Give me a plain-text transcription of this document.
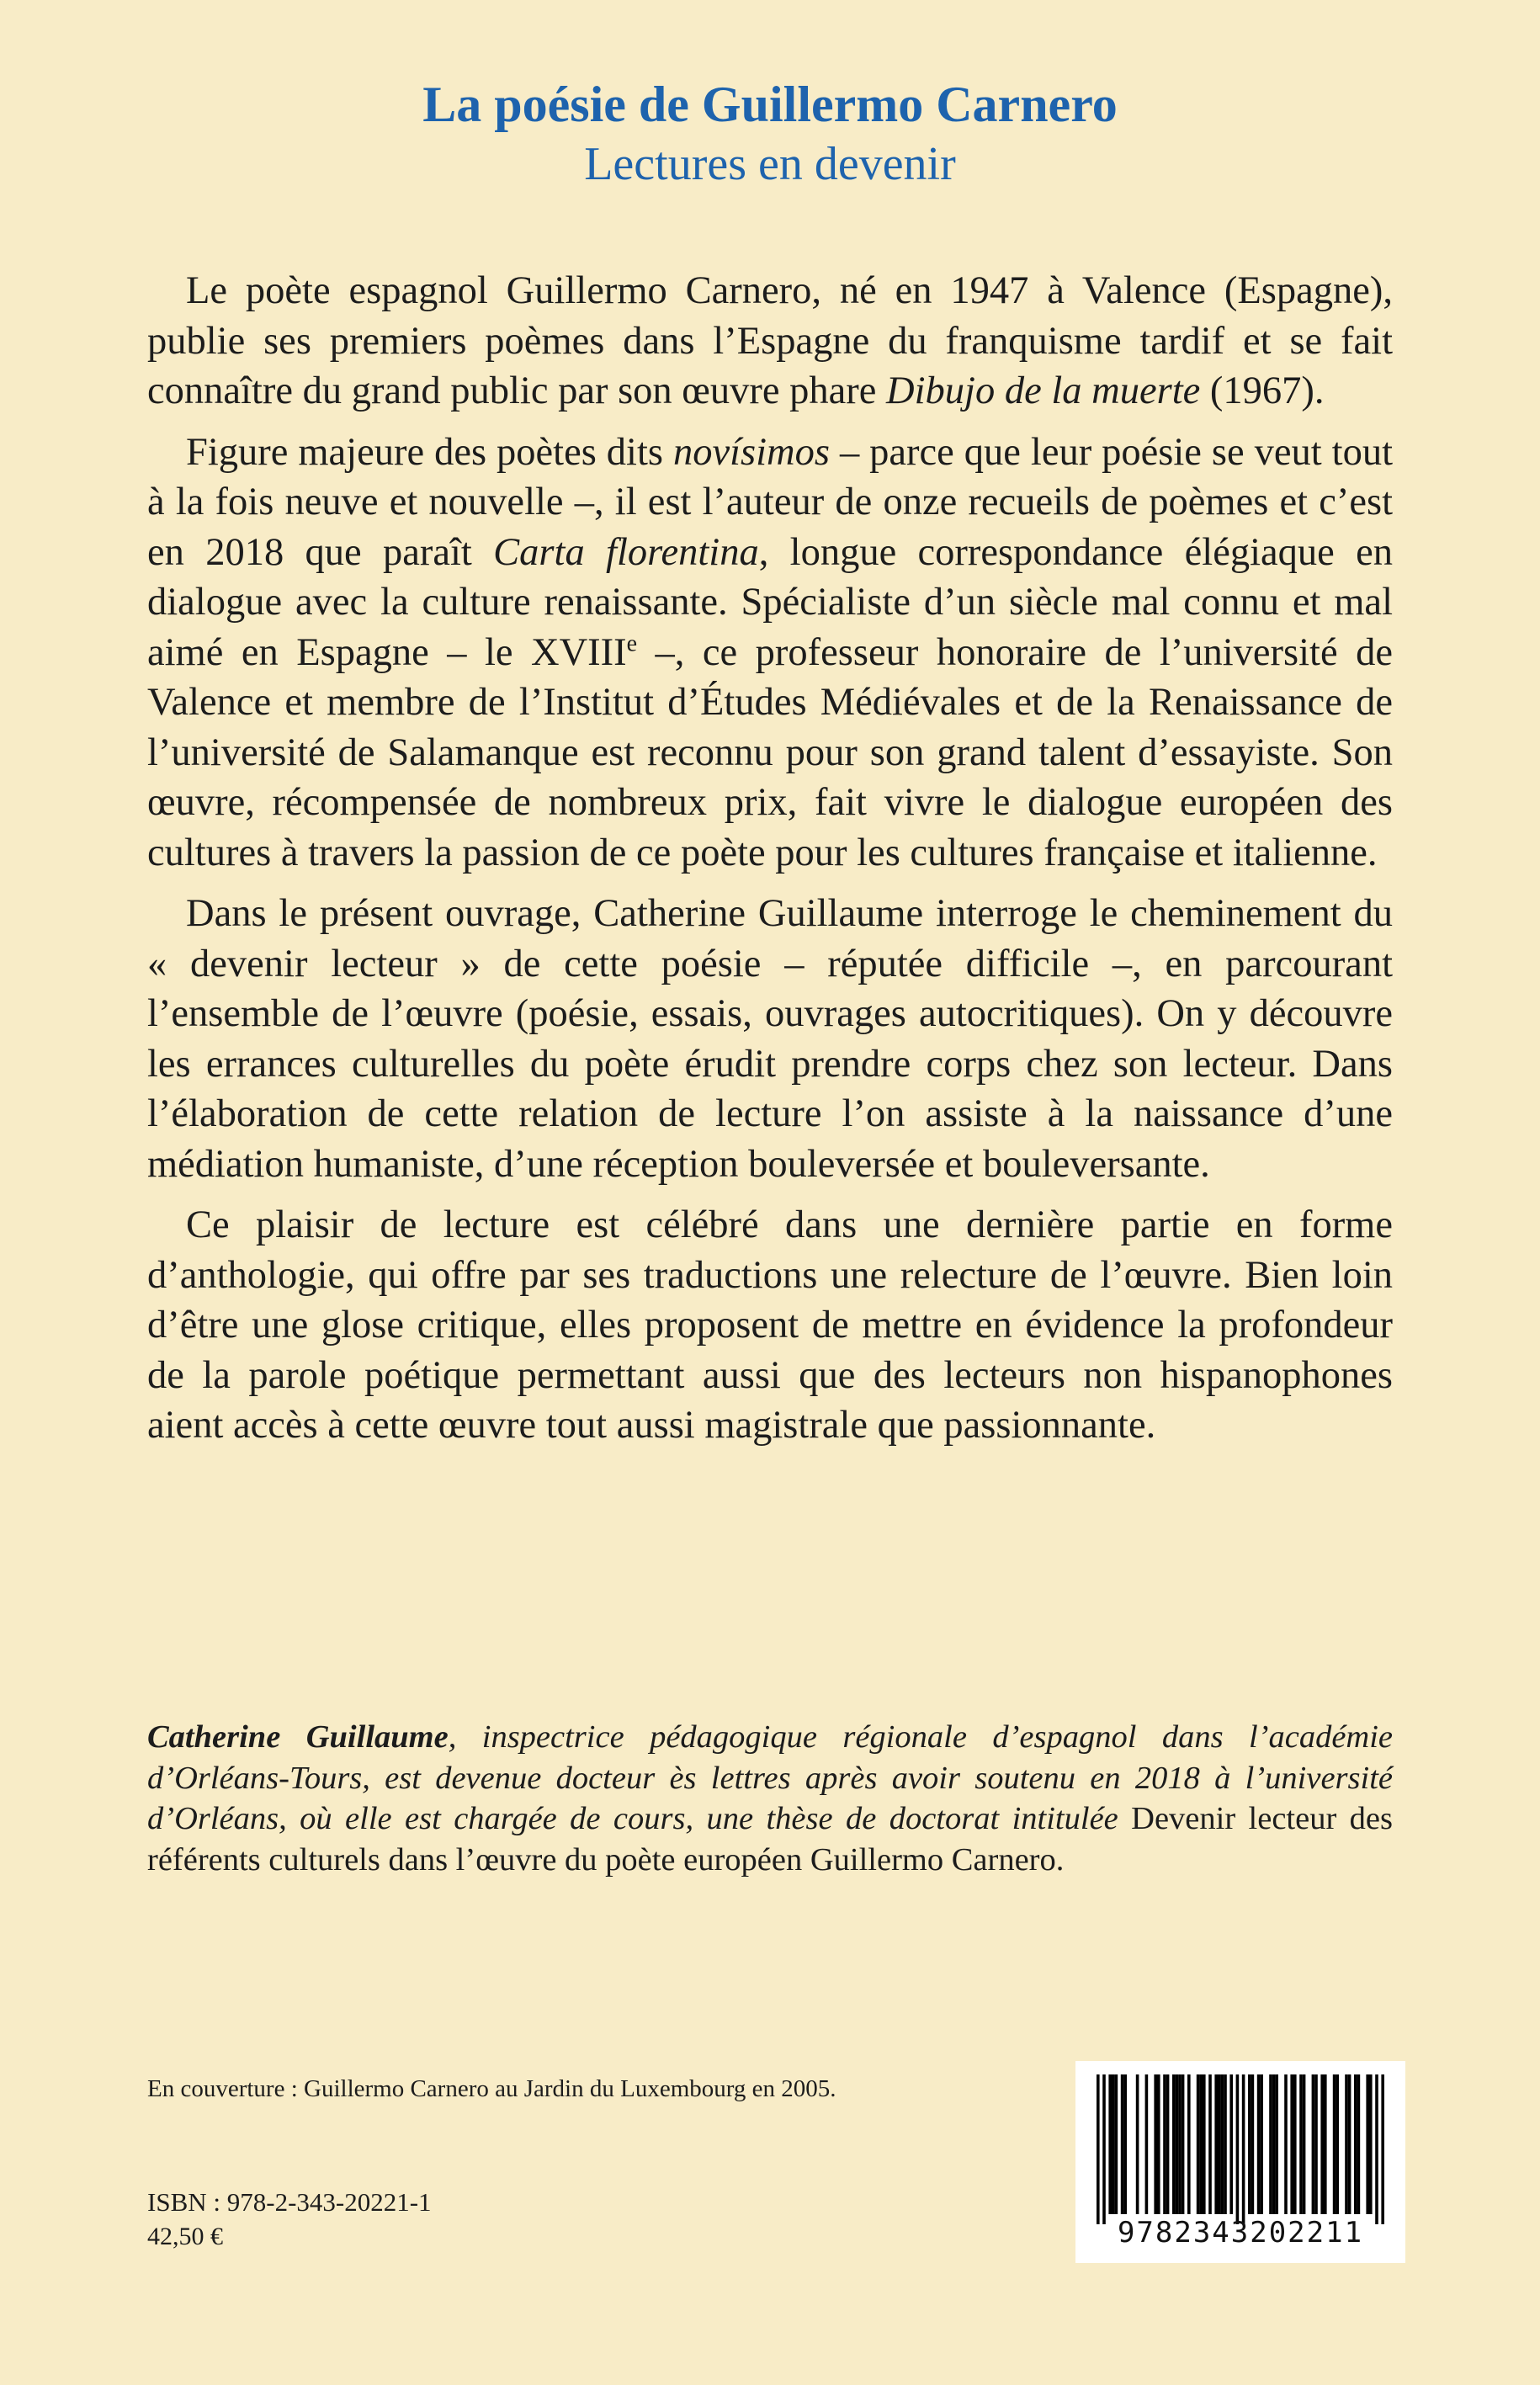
La poésie de Guillermo Carnero
Lectures en devenir

Le poète espagnol Guillermo Carnero, né en 1947 à Valence (Espagne), publie ses premiers poèmes dans l’Espagne du franquisme tardif et se fait connaître du grand public par son œuvre phare Dibujo de la muerte (1967).

Figure majeure des poètes dits novísimos – parce que leur poésie se veut tout à la fois neuve et nouvelle –, il est l’auteur de onze recueils de poèmes et c’est en 2018 que paraît Carta florentina, longue correspondance élégiaque en dialogue avec la culture renaissante. Spécialiste d’un siècle mal connu et mal aimé en Espagne – le XVIIIe –, ce professeur honoraire de l’université de Valence et membre de l’Institut d’Études Médiévales et de la Renaissance de l’université de Salamanque est reconnu pour son grand talent d’essayiste. Son œuvre, récompensée de nombreux prix, fait vivre le dialogue européen des cultures à travers la passion de ce poète pour les cultures française et italienne.

Dans le présent ouvrage, Catherine Guillaume interroge le cheminement du « devenir lecteur » de cette poésie – réputée difficile –, en parcourant l’ensemble de l’œuvre (poésie, essais, ouvrages autocritiques). On y découvre les errances culturelles du poète érudit prendre corps chez son lecteur. Dans l’élaboration de cette relation de lecture l’on assiste à la naissance d’une médiation humaniste, d’une réception bouleversée et bouleversante.

Ce plaisir de lecture est célébré dans une dernière partie en forme d’anthologie, qui offre par ses traductions une relecture de l’œuvre. Bien loin d’être une glose critique, elles proposent de mettre en évidence la profondeur de la parole poétique permettant aussi que des lecteurs non hispanophones aient accès à cette œuvre tout aussi magistrale que passionnante.

Catherine Guillaume, inspectrice pédagogique régionale d’espagnol dans l’académie d’Orléans-Tours, est devenue docteur ès lettres après avoir soutenu en 2018 à l’université d’Orléans, où elle est chargée de cours, une thèse de doctorat intitulée Devenir lecteur des référents culturels dans l’œuvre du poète européen Guillermo Carnero.

En couverture : Guillermo Carnero au Jardin du Luxembourg en 2005.
ISBN : 978-2-343-20221-1
42,50 €	9782343202211
